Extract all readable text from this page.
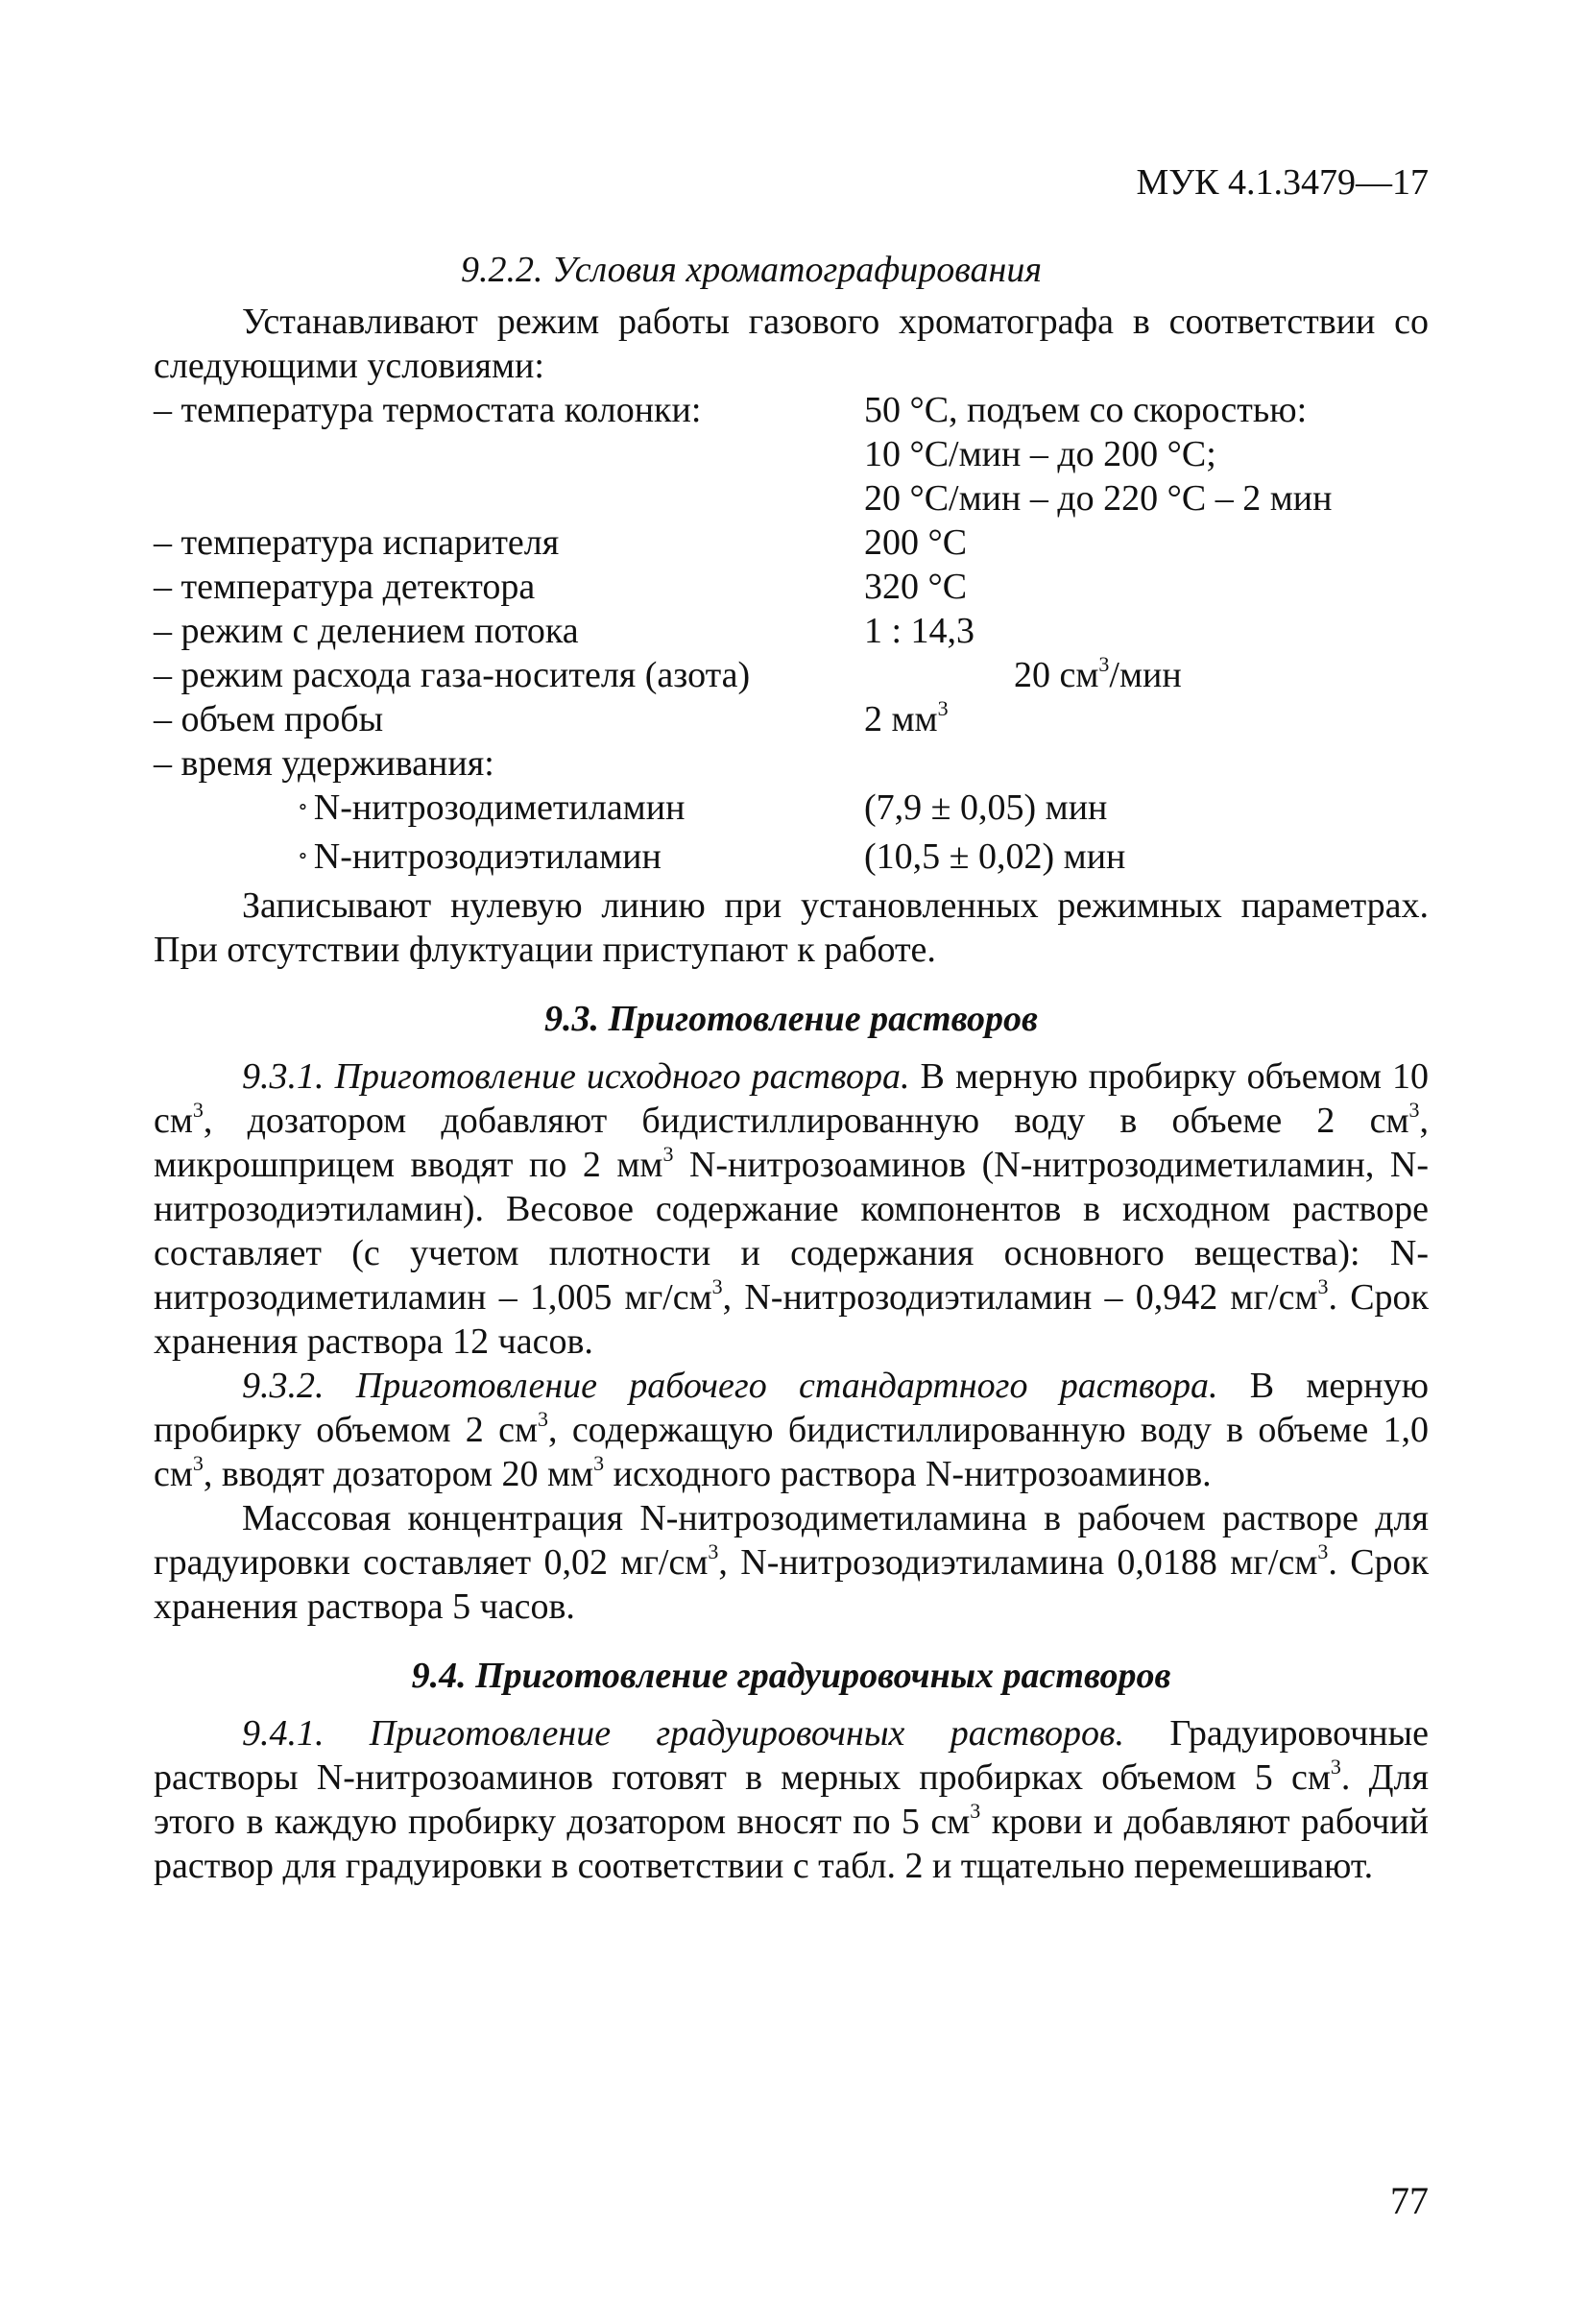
МУК 4.1.3479—17

9.2.2. Условия хроматографирования

Устанавливают режим работы газового хроматографа в соответствии со следующими условиями:

– температура термостата колонки:	50 °С, подъем со скоростью:
10 °С/мин – до 200 °С;
20 °С/мин – до 220 °С – 2 мин
– температура испарителя	200 °С
– температура детектора	320 °С
– режим с делением потока	1 : 14,3
– режим расхода газа-носителя (азота)	20 $см^3$/мин
– объем пробы	2 $мм^3$
– время удерживания:
∘ N-нитрозодиметиламин	(7,9 ± 0,05) мин
∘ N-нитрозодиэтиламин	(10,5 ± 0,02) мин

Записывают нулевую линию при установленных режимных параметрах. При отсутствии флуктуации приступают к работе.

9.3. Приготовление растворов

9.3.1. Приготовление исходного раствора. В мерную пробирку объемом 10 $см^3$, дозатором добавляют бидистиллированную воду в объеме 2 $см^3$, микрошприцем вводят по 2 $мм^3$ N-нитрозоаминов (N-нитрозодиметиламин, N-нитрозодиэтиламин). Весовое содержание компонентов в исходном растворе составляет (с учетом плотности и содержания основного вещества): N-нитрозодиметиламин – 1,005 $мг/см^3$, N-нитрозодиэтиламин – 0,942 $мг/см^3$. Срок хранения раствора 12 часов.

9.3.2. Приготовление рабочего стандартного раствора. В мерную пробирку объемом 2 $см^3$, содержащую бидистиллированную воду в объеме 1,0 $см^3$, вводят дозатором 20 $мм^3$ исходного раствора N-нитрозоаминов.

Массовая концентрация N-нитрозодиметиламина в рабочем растворе для градуировки составляет 0,02 $мг/см^3$, N-нитрозодиэтиламина 0,0188 $мг/см^3$. Срок хранения раствора 5 часов.

9.4. Приготовление градуировочных растворов

9.4.1. Приготовление градуировочных растворов. Градуировочные растворы N-нитрозоаминов готовят в мерных пробирках объемом 5 $см^3$. Для этого в каждую пробирку дозатором вносят по 5 $см^3$ крови и добавляют рабочий раствор для градуировки в соответствии с табл. 2 и тщательно перемешивают.

77
